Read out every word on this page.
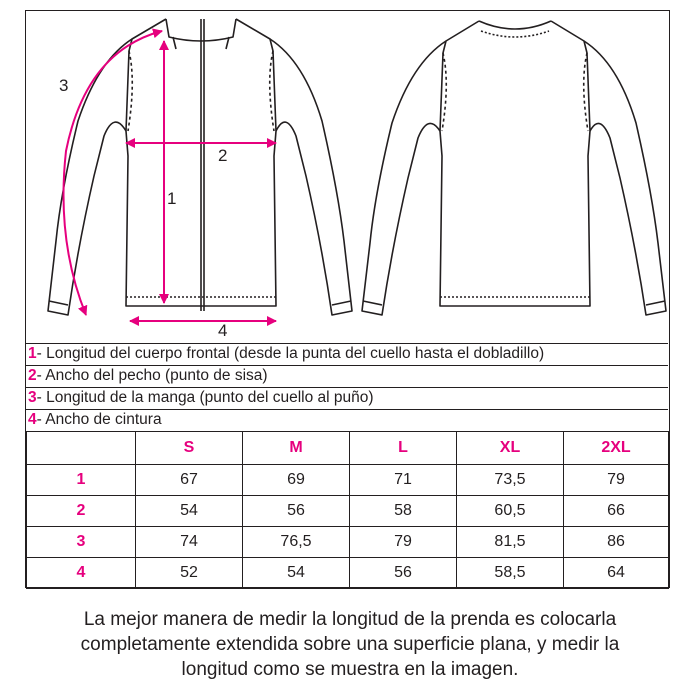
1
2
3
4
1- Longitud del cuerpo frontal (desde la punta del cuello hasta el dobladillo)
2- Ancho del pecho (punto de sisa)
3- Longitud de la manga (punto del cuello al puño)
4- Ancho de cintura
	S	M	L	XL	2XL
1	67	69	71	73,5	79
2	54	56	58	60,5	66
3	74	76,5	79	81,5	86
4	52	54	56	58,5	64
La mejor manera de medir la longitud de la prenda es colocarla
completamente extendida sobre una superficie plana, y medir la
longitud como se muestra en la imagen.
